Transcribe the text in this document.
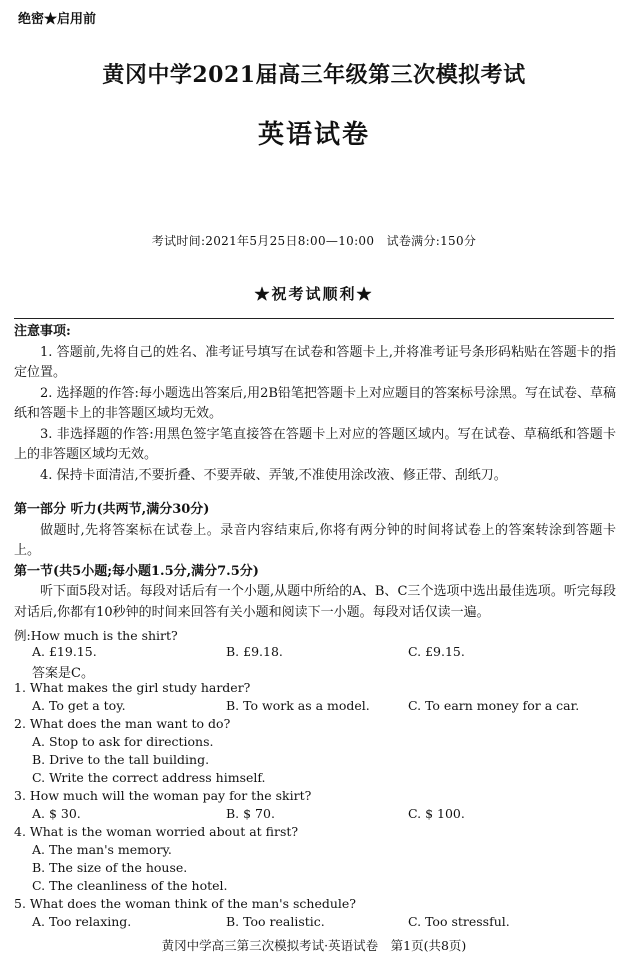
绝密★启用前
黄冈中学2021届高三年级第三次模拟考试
英语试卷
考试时间:2021年5月25日8:00—10:00　试卷满分:150分
★祝考试顺利★
注意事项:

1. 答题前,先将自己的姓名、准考证号填写在试卷和答题卡上,并将准考证号条形码粘贴在答题卡的指定位置。

2. 选择题的作答:每小题选出答案后,用2B铅笔把答题卡上对应题目的答案标号涂黑。写在试卷、草稿纸和答题卡上的非答题区域均无效。

3. 非选择题的作答:用黑色签字笔直接答在答题卡上对应的答题区域内。写在试卷、草稿纸和答题卡上的非答题区域均无效。

4. 保持卡面清洁,不要折叠、不要弄破、弄皱,不准使用涂改液、修正带、刮纸刀。

第一部分 听力(共两节,满分30分)

做题时,先将答案标在试卷上。录音内容结束后,你将有两分钟的时间将试卷上的答案转涂到答题卡上。

第一节(共5小题;每小题1.5分,满分7.5分)

听下面5段对话。每段对话后有一个小题,从题中所给的A、B、C三个选项中选出最佳选项。听完每段对话后,你都有10秒钟的时间来回答有关小题和阅读下一小题。每段对话仅读一遍。

例:How much is the shirt?
A. £19.15.	B. £9.18.	C. £9.15.
答案是C。
1. What makes the girl study harder?
A. To get a toy.	B. To work as a model.	C. To earn money for a car.
2. What does the man want to do?
A. Stop to ask for directions.
B. Drive to the tall building.
C. Write the correct address himself.
3. How much will the woman pay for the skirt?
A. $ 30.	B. $ 70.	C. $ 100.
4. What is the woman worried about at first?
A. The man's memory.
B. The size of the house.
C. The cleanliness of the hotel.
5. What does the woman think of the man's schedule?
A. Too relaxing.	B. Too realistic.	C. Too stressful.
黄冈中学高三第三次模拟考试·英语试卷　第1页(共8页)
